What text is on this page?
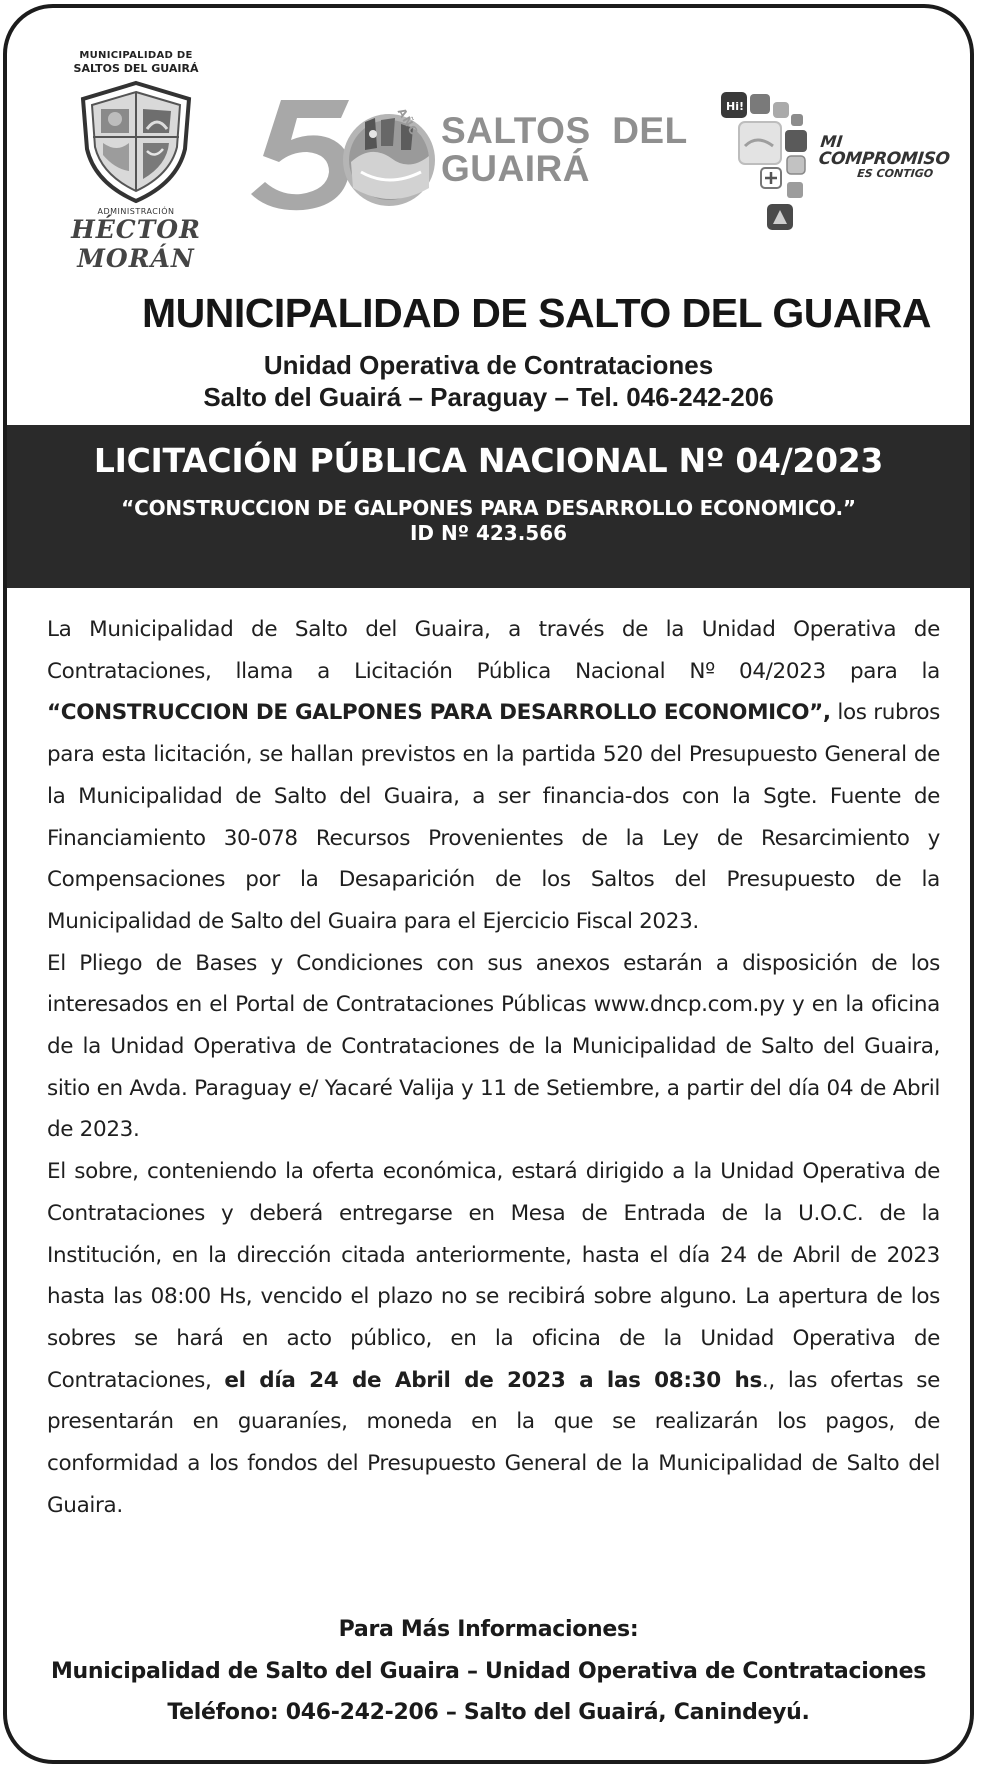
MUNICIPALIDAD DE
SALTOS DEL GUAIRÁ
ADMINISTRACIÓN
HÉCTOR MORÁN
AÑOS SALTOS  DEL
GUAIRÁ
Hi!
MI
COMPROMISO
ES CONTIGO
MUNICIPALIDAD DE SALTO DEL GUAIRA
Unidad Operativa de Contrataciones
Salto del Guairá – Paraguay – Tel. 046-242-206
LICITACIÓN PÚBLICA NACIONAL Nº 04/2023
“CONSTRUCCION DE GALPONES PARA DESARROLLO ECONOMICO.”
ID Nº 423.566

La Municipalidad de Salto del Guaira, a través de la Unidad Operativa de Contrataciones, llama a Licitación Pública Nacional Nº 04/2023 para la “CONSTRUCCION DE GALPONES PARA DESARROLLO ECONOMICO”, los rubros para esta licitación, se hallan previstos en la partida 520 del Presupuesto General de la Municipalidad de Salto del Guaira, a ser financia-dos con la Sgte. Fuente de Financiamiento 30-078 Recursos Provenientes de la Ley de Resarcimiento y Compensaciones por la Desaparición de los Saltos del Presupuesto de la Municipalidad de Salto del Guaira para el Ejercicio Fiscal 2023.

El Pliego de Bases y Condiciones con sus anexos estarán a disposición de los interesados en el Portal de Contrataciones Públicas www.dncp.com.py y en la oficina de la Unidad Operativa de Contrataciones de la Municipalidad de Salto del Guaira, sitio en Avda. Paraguay e/ Yacaré Valija y 11 de Setiembre, a partir del día 04 de Abril de 2023.

El sobre, conteniendo la oferta económica, estará dirigido a la Unidad Operativa de Contrataciones y deberá entregarse en Mesa de Entrada de la U.O.C. de la Institución, en la dirección citada anteriormente, hasta el día 24 de Abril de 2023 hasta las 08:00 Hs, vencido el plazo no se recibirá sobre alguno. La apertura de los sobres se hará en acto público, en la oficina de la Unidad Operativa de Contrataciones, el día 24 de Abril de 2023 a las 08:30 hs., las ofertas se presentarán en guaraníes, moneda en la que se realizarán los pagos, de conformidad a los fondos del Presupuesto General de la Municipalidad de Salto del Guaira.

Para Más Informaciones:
Municipalidad de Salto del Guaira – Unidad Operativa de Contrataciones
Teléfono: 046-242-206 – Salto del Guairá, Canindeyú.
